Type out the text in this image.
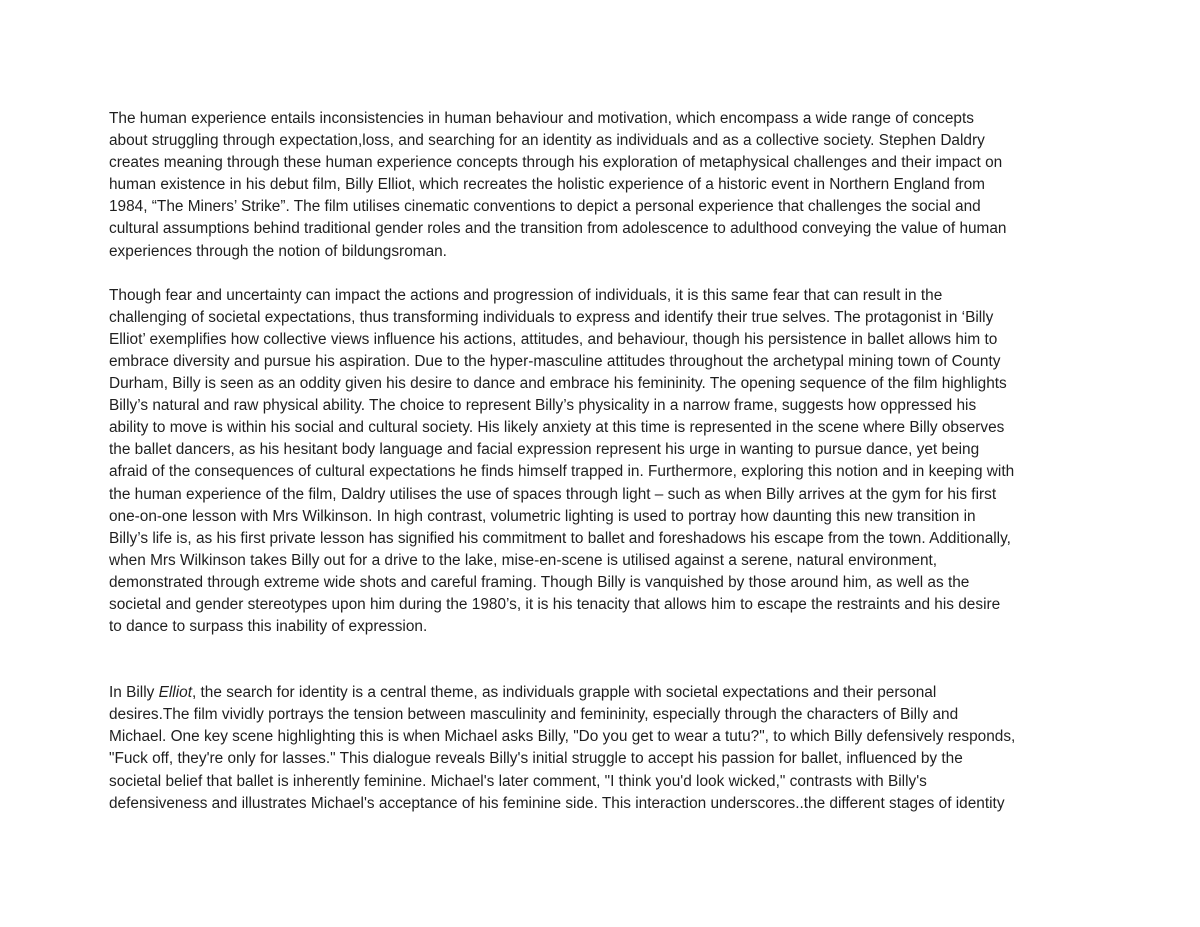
The human experience entails inconsistencies in human behaviour and motivation, which encompass a wide range of concepts
about struggling through expectation,loss, and searching for an identity as individuals and as a collective society. Stephen Daldry
creates meaning through these human experience concepts through his exploration of metaphysical challenges and their impact on
human existence in his debut film, Billy Elliot, which recreates the holistic experience of a historic event in Northern England from
1984, “The Miners’ Strike”. The film utilises cinematic conventions to depict a personal experience that challenges the social and
cultural assumptions behind traditional gender roles and the transition from adolescence to adulthood conveying the value of human
experiences through the notion of bildungsroman.

Though fear and uncertainty can impact the actions and progression of individuals, it is this same fear that can result in the
challenging of societal expectations, thus transforming individuals to express and identify their true selves. The protagonist in ‘Billy
Elliot’ exemplifies how collective views influence his actions, attitudes, and behaviour, though his persistence in ballet allows him to
embrace diversity and pursue his aspiration. Due to the hyper-masculine attitudes throughout the archetypal mining town of County
Durham, Billy is seen as an oddity given his desire to dance and embrace his femininity. The opening sequence of the film highlights
Billy’s natural and raw physical ability. The choice to represent Billy’s physicality in a narrow frame, suggests how oppressed his
ability to move is within his social and cultural society. His likely anxiety at this time is represented in the scene where Billy observes
the ballet dancers, as his hesitant body language and facial expression represent his urge in wanting to pursue dance, yet being
afraid of the consequences of cultural expectations he finds himself trapped in. Furthermore, exploring this notion and in keeping with
the human experience of the film, Daldry utilises the use of spaces through light – such as when Billy arrives at the gym for his first
one-on-one lesson with Mrs Wilkinson. In high contrast, volumetric lighting is used to portray how daunting this new transition in
Billy’s life is, as his first private lesson has signified his commitment to ballet and foreshadows his escape from the town. Additionally,
when Mrs Wilkinson takes Billy out for a drive to the lake, mise-en-scene is utilised against a serene, natural environment,
demonstrated through extreme wide shots and careful framing. Though Billy is vanquished by those around him, as well as the
societal and gender stereotypes upon him during the 1980’s, it is his tenacity that allows him to escape the restraints and his desire
to dance to surpass this inability of expression.

In Billy Elliot, the search for identity is a central theme, as individuals grapple with societal expectations and their personal
desires.The film vividly portrays the tension between masculinity and femininity, especially through the characters of Billy and
Michael. One key scene highlighting this is when Michael asks Billy, "Do you get to wear a tutu?", to which Billy defensively responds,
"Fuck off, they're only for lasses." This dialogue reveals Billy's initial struggle to accept his passion for ballet, influenced by the
societal belief that ballet is inherently feminine. Michael's later comment, "I think you'd look wicked," contrasts with Billy's
defensiveness and illustrates Michael's acceptance of his feminine side. This interaction underscores..the different stages of identity
